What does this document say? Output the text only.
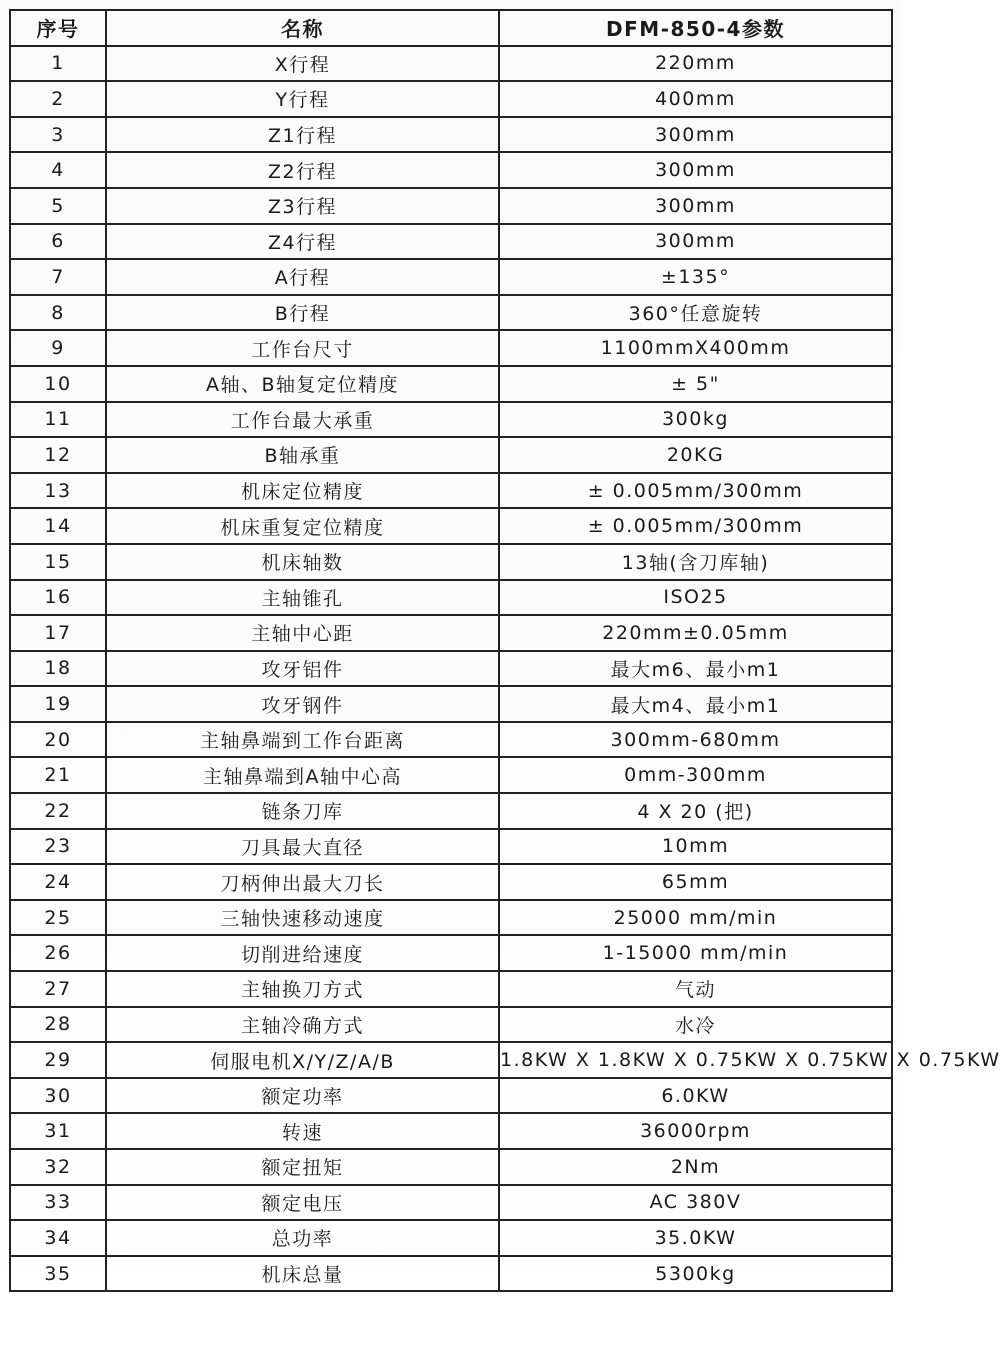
序号	名称	DFM-850-4参数
1	X行程	220mm
2	Y行程	400mm
3	Z1行程	300mm
4	Z2行程	300mm
5	Z3行程	300mm
6	Z4行程	300mm
7	A行程	±135°
8	B行程	360°任意旋转
9	工作台尺寸	1100mmX400mm
10	A轴、B轴复定位精度	± 5"
11	工作台最大承重	300kg
12	B轴承重	20KG
13	机床定位精度	± 0.005mm/300mm
14	机床重复定位精度	± 0.005mm/300mm
15	机床轴数	13轴(含刀库轴)
16	主轴锥孔	ISO25
17	主轴中心距	220mm±0.05mm
18	攻牙铝件	最大m6、最小m1
19	攻牙钢件	最大m4、最小m1
20	主轴鼻端到工作台距离	300mm-680mm
21	主轴鼻端到A轴中心高	0mm-300mm
22	链条刀库	4 X 20 (把)
23	刀具最大直径	10mm
24	刀柄伸出最大刀长	65mm
25	三轴快速移动速度	25000 mm/min
26	切削进给速度	1-15000 mm/min
27	主轴换刀方式	气动
28	主轴冷确方式	水冷
29	伺服电机X/Y/Z/A/B	1.8KW X 1.8KW X 0.75KW X 0.75KW X 0.75KW
30	额定功率	6.0KW
31	转速	36000rpm
32	额定扭矩	2Nm
33	额定电压	AC 380V
34	总功率	35.0KW
35	机床总量	5300kg
